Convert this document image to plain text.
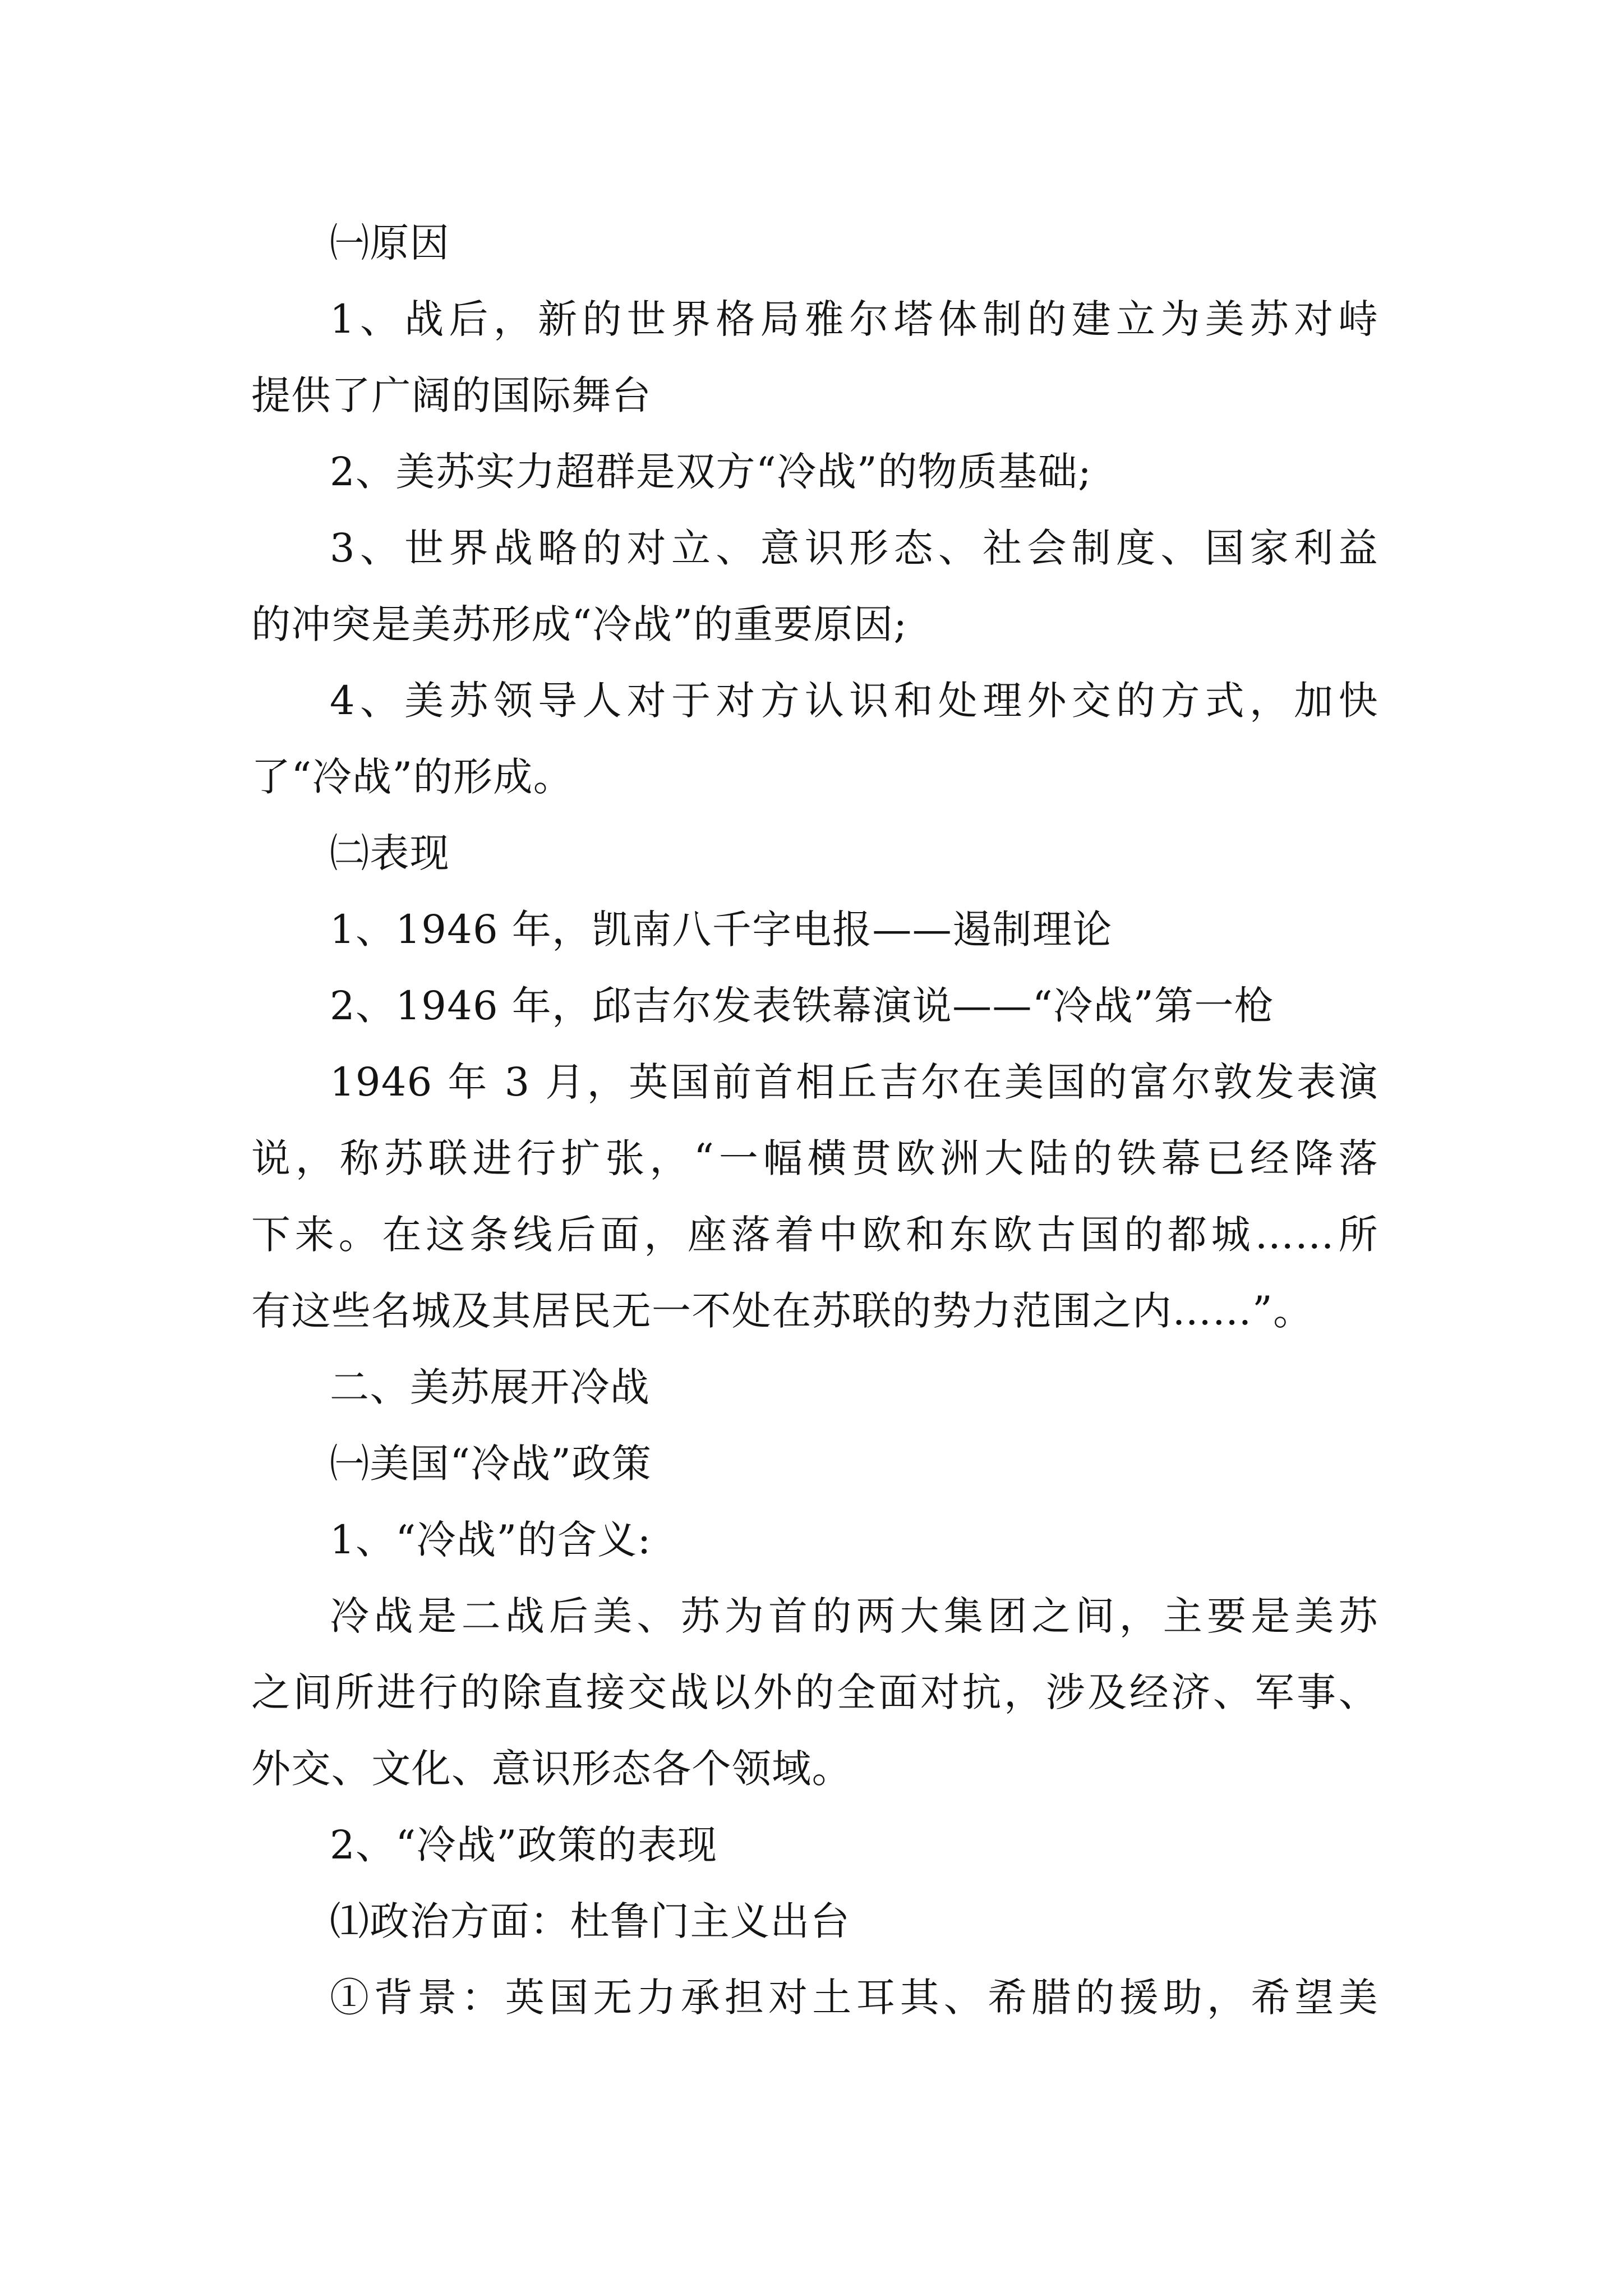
㈠原因
1、战后，新的世界格局雅尔塔体制的建立为美苏对峙
提供了广阔的国际舞台
2、美苏实力超群是双方“冷战”的物质基础;
3、世界战略的对立、意识形态、社会制度、国家利益
的冲突是美苏形成“冷战”的重要原因;
4、美苏领导人对于对方认识和处理外交的方式，加快
了“冷战”的形成。
㈡表现
1、1946 年，凯南八千字电报——遏制理论
2、1946 年，邱吉尔发表铁幕演说——“冷战”第一枪
1946 年 3 月，英国前首相丘吉尔在美国的富尔敦发表演
说，称苏联进行扩张，“一幅横贯欧洲大陆的铁幕已经降落
下来。在这条线后面，座落着中欧和东欧古国的都城……所
有这些名城及其居民无一不处在苏联的势力范围之内……”。
二、美苏展开冷战
㈠美国“冷战”政策
1、“冷战”的含义:
冷战是二战后美、苏为首的两大集团之间，主要是美苏
之间所进行的除直接交战以外的全面对抗，涉及经济、军事、
外交、文化、意识形态各个领域。
2、“冷战”政策的表现
⑴政治方面：杜鲁门主义出台
①背景：英国无力承担对土耳其、希腊的援助，希望美
